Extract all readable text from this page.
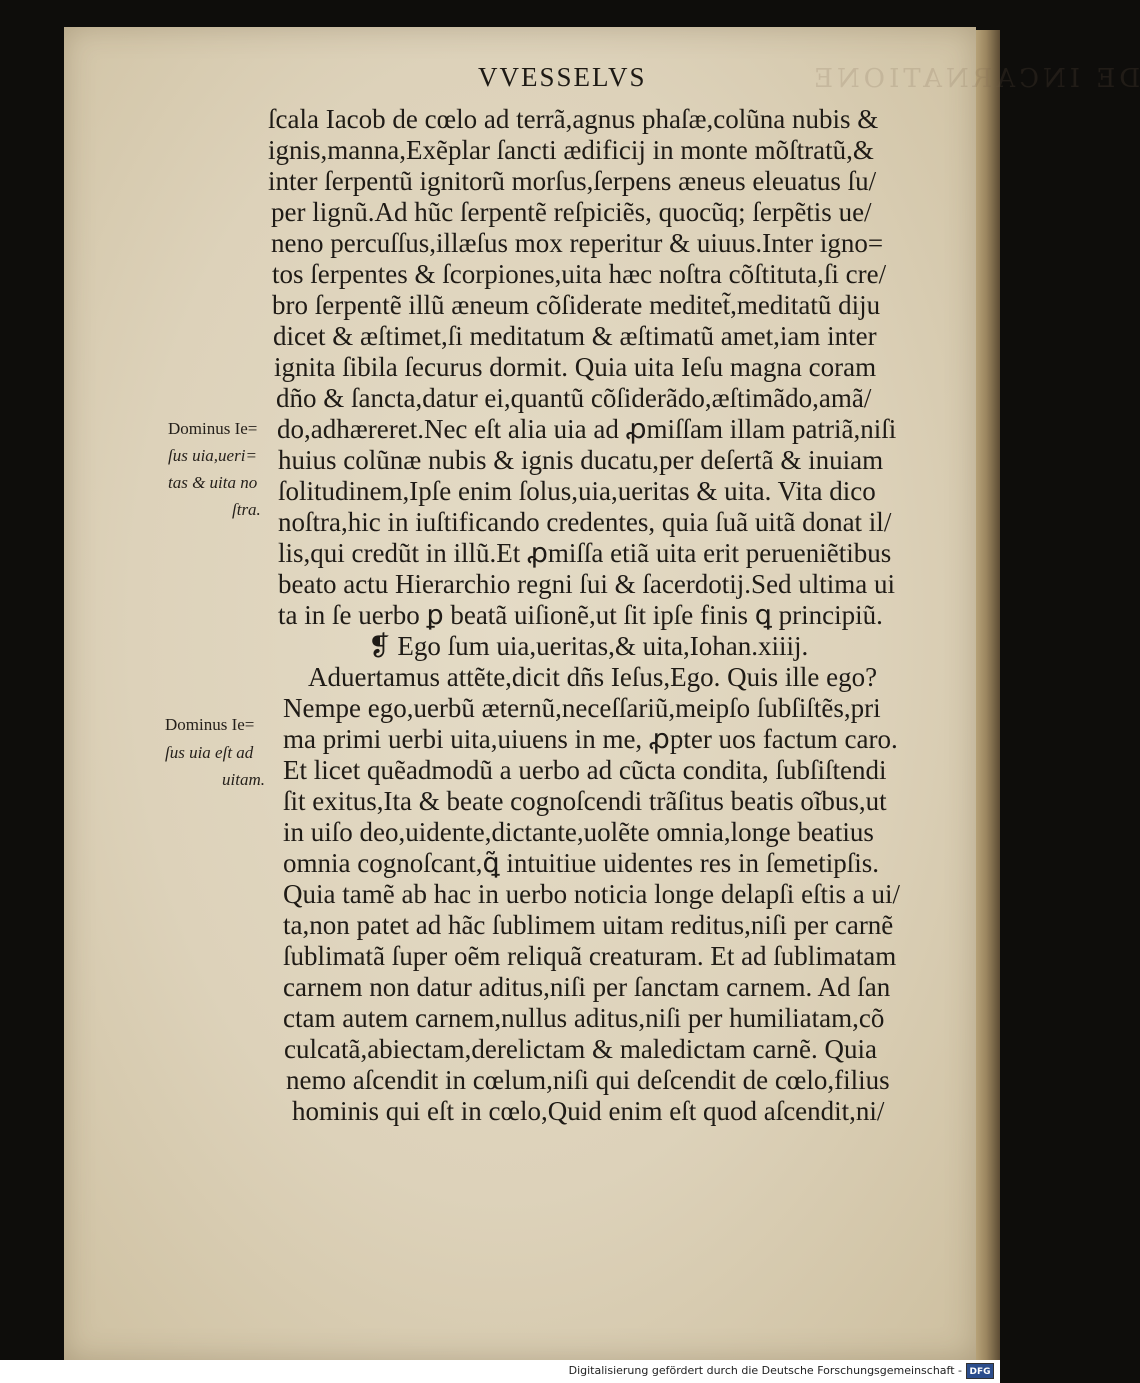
DE INCARNATIONE
VVESSELVS
ſcala Iacob de cœlo ad terrã,agnus phaſæ,colũna nubis &
ignis,manna,Exẽplar ſancti ædificij in monte mõſtratũ,&
inter ſerpentũ ignitorũ morſus,ſerpens æneus eleuatus ſu/
per lignũ.Ad hũc ſerpentẽ reſpiciẽs, quocũq; ſerpẽtis ue/
neno percuſſus,illæſus mox reperitur & uiuus.Inter igno=
tos ſerpentes & ſcorpiones,uita hæc noſtra cõſtituta,ſi cre/
bro ſerpentẽ illũ æneum cõſiderate meditet̃,meditatũ diju
dicet & æſtimet,ſi meditatum & æſtimatũ amet,iam inter
ignita ſibila ſecurus dormit. Quia uita Ieſu magna coram
dño & ſancta,datur ei,quantũ cõſiderãdo,æſtimãdo,amã/
do,adhæreret.Nec eſt alia uia ad ꝓmiſſam illam patriã,niſi
huius colũnæ nubis & ignis ducatu,per deſertã & inuiam
ſolitudinem,Ipſe enim ſolus,uia,ueritas & uita. Vita dico
noſtra,hic in iuſtificando credentes, quia ſuã uitã donat il/
lis,qui credũt in illũ.Et ꝓmiſſa etiã uita erit perueniẽtibus
beato actu Hierarchio regni ſui & ſacerdotij.Sed ultima ui
ta in ſe uerbo ꝑ beatã uiſionẽ,ut ſit ipſe finis ꝗ principiũ.
❡ Ego ſum uia,ueritas,& uita,Iohan.xiiij.
Aduertamus attẽte,dicit dñs Ieſus,Ego. Quis ille ego?
Nempe ego,uerbũ æternũ,neceſſariũ,meipſo ſubſiſtẽs,pri
ma primi uerbi uita,uiuens in me, ꝓpter uos factum caro.
Et licet quẽadmodũ a uerbo ad cũcta condita, ſubſiſtendi
ſit exitus,Ita & beate cognoſcendi trãſitus beatis oĩbus,ut
in uiſo deo,uidente,dictante,uolẽte omnia,longe beatius
omnia cognoſcant,ꝗ̃ intuitiue uidentes res in ſemetipſis.
Quia tamẽ ab hac in uerbo noticia longe delapſi eſtis a ui/
ta,non patet ad hãc ſublimem uitam reditus,niſi per carnẽ
ſublimatã ſuper oẽm reliquã creaturam. Et ad ſublimatam
carnem non datur aditus,niſi per ſanctam carnem. Ad ſan
ctam autem carnem,nullus aditus,niſi per humiliatam,cõ
culcatã,abiectam,derelictam & maledictam carnẽ. Quia
nemo aſcendit in cœlum,niſi qui deſcendit de cœlo,filius
hominis qui eſt in cœlo,Quid enim eſt quod aſcendit,ni/
Dominus Ie=
ſus uia,ueri=
tas & uita no
ſtra.
Dominus Ie=
ſus uia eſt ad
uitam.
Digitalisierung gefördert durch die Deutsche Forschungsgemeinschaft - DFG
